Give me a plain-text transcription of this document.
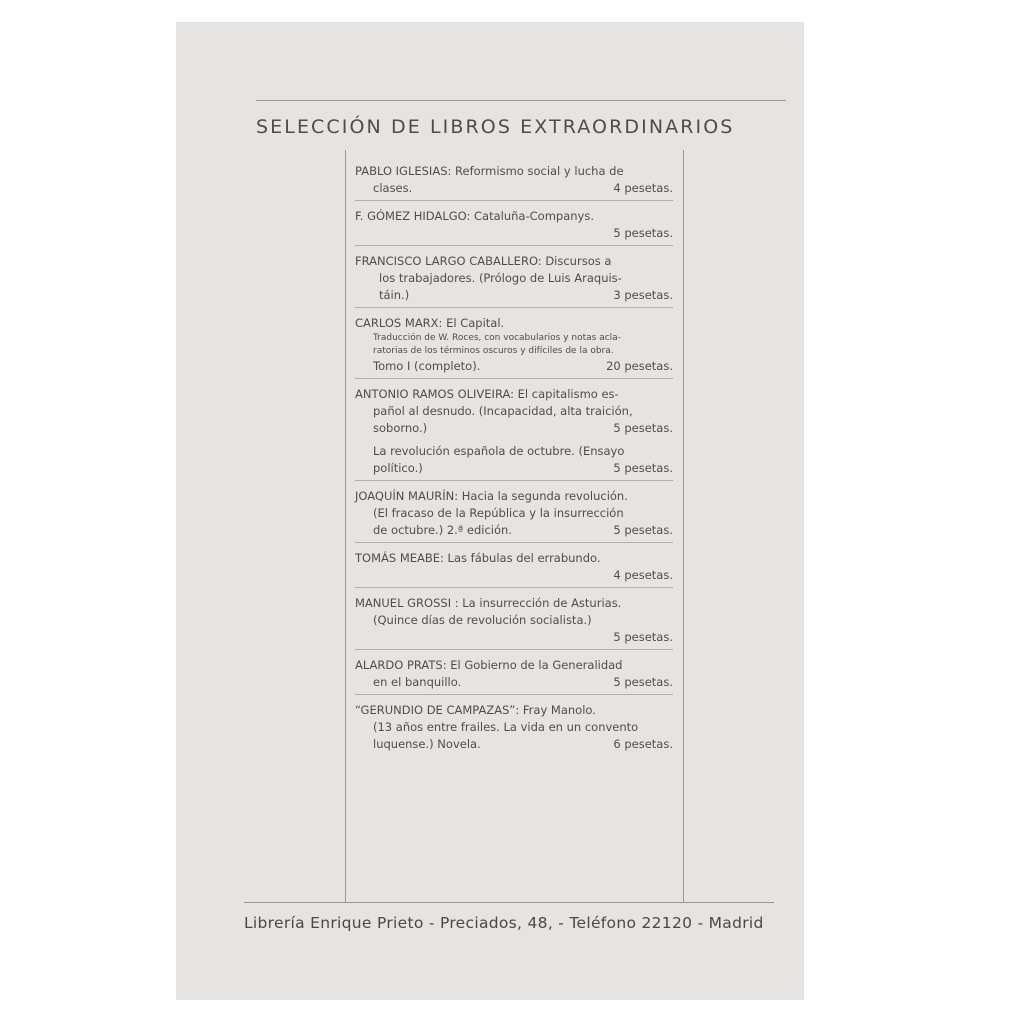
SELECCIÓN DE LIBROS EXTRAORDINARIOS
PABLO IGLESIAS: Reformismo social y lucha de
clases.	4 pesetas.
F. GÓMEZ HIDALGO: Cataluña-Companys.
5 pesetas.
FRANCISCO LARGO CABALLERO: Discursos a
los trabajadores. (Prólogo de Luis Araquis-
táin.)	3 pesetas.
CARLOS MARX: El Capital.
Traducción de W. Roces, con vocabularios y notas acla-
ratorias de los términos oscuros y difíciles de la obra.
Tomo I (completo).	20 pesetas.
ANTONIO RAMOS OLIVEIRA: El capitalismo es-
pañol al desnudo. (Incapacidad, alta traición,
soborno.)	5 pesetas.
La revolución española de octubre. (Ensayo
político.)	5 pesetas.
JOAQUÍN MAURÍN: Hacia la segunda revolución.
(El fracaso de la República y la insurrección
de octubre.) 2.ª edición.	5 pesetas.
TOMÁS MEABE: Las fábulas del errabundo.
4 pesetas.
MANUEL GROSSI : La insurrección de Asturias.
(Quince días de revolución socialista.)
5 pesetas.
ALARDO PRATS: El Gobierno de la Generalidad
en el banquillo.	5 pesetas.
“GERUNDIO DE CAMPAZAS”: Fray Manolo.
(13 años entre frailes. La vida en un convento
luquense.) Novela.	6 pesetas.
Librería Enrique Prieto - Preciados, 48, - Teléfono 22120 - Madrid
